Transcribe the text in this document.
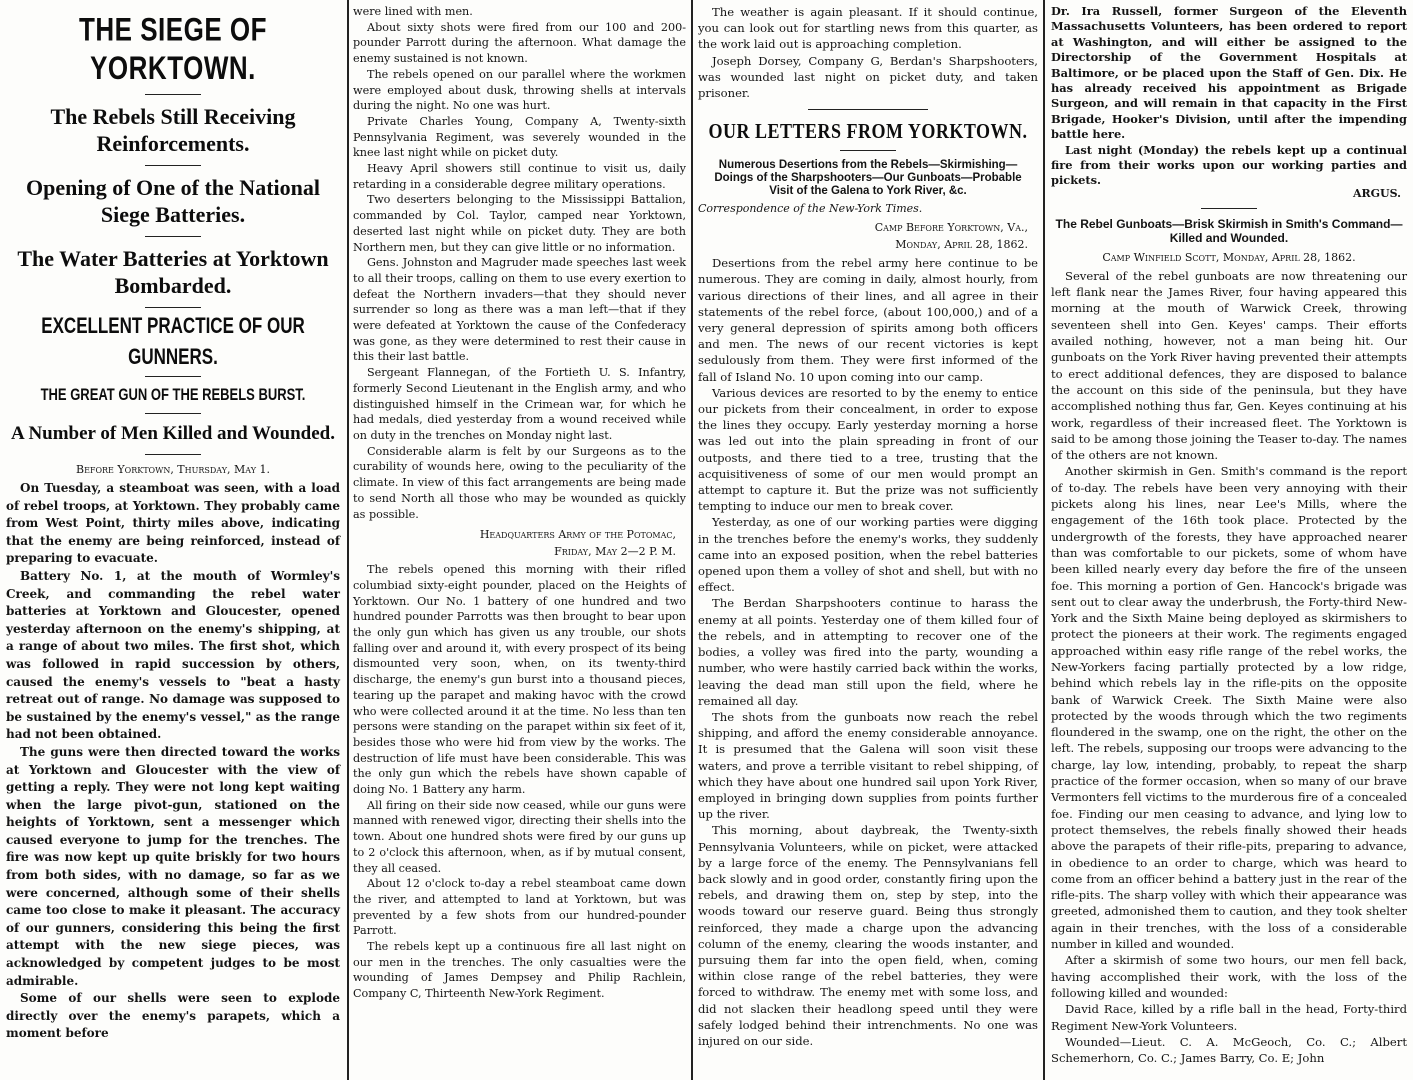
THE SIEGE OF YORKTOWN.
The Rebels Still Receiving Reinforcements.
Opening of One of the National Siege Batteries.
The Water Batteries at Yorktown Bombarded.
EXCELLENT PRACTICE OF OUR GUNNERS.
THE GREAT GUN OF THE REBELS BURST.
A Number of Men Killed and Wounded.
Before Yorktown, Thursday, May 1.

On Tuesday, a steamboat was seen, with a load of rebel troops, at Yorktown. They probably came from West Point, thirty miles above, indicating that the enemy are being reinforced, instead of preparing to evacuate.

Battery No. 1, at the mouth of Wormley's Creek, and commanding the rebel water batteries at Yorktown and Gloucester, opened yesterday afternoon on the enemy's shipping, at a range of about two miles. The first shot, which was followed in rapid succession by others, caused the enemy's vessels to "beat a hasty retreat out of range. No damage was supposed to be sustained by the enemy's vessel," as the range had not been obtained.

The guns were then directed toward the works at Yorktown and Gloucester with the view of getting a reply. They were not long kept waiting when the large pivot-gun, stationed on the heights of Yorktown, sent a messenger which caused everyone to jump for the trenches. The fire was now kept up quite briskly for two hours from both sides, with no damage, so far as we were concerned, although some of their shells came too close to make it pleasant. The accuracy of our gunners, considering this being the first attempt with the new siege pieces, was acknowledged by competent judges to be most admirable.

Some of our shells were seen to explode directly over the enemy's parapets, which a moment before

were lined with men.

About sixty shots were fired from our 100 and 200-pounder Parrott during the afternoon. What damage the enemy sustained is not known.

The rebels opened on our parallel where the workmen were employed about dusk, throwing shells at intervals during the night. No one was hurt.

Private Charles Young, Company A, Twenty-sixth Pennsylvania Regiment, was severely wounded in the knee last night while on picket duty.

Heavy April showers still continue to visit us, daily retarding in a considerable degree military operations.

Two deserters belonging to the Mississippi Battalion, commanded by Col. Taylor, camped near Yorktown, deserted last night while on picket duty. They are both Northern men, but they can give little or no information.

Gens. Johnston and Magruder made speeches last week to all their troops, calling on them to use every exertion to defeat the Northern invaders—that they should never surrender so long as there was a man left—that if they were defeated at Yorktown the cause of the Confederacy was gone, as they were determined to rest their cause in this their last battle.

Sergeant Flannegan, of the Fortieth U. S. Infantry, formerly Second Lieutenant in the English army, and who distinguished himself in the Crimean war, for which he had medals, died yesterday from a wound received while on duty in the trenches on Monday night last.

Considerable alarm is felt by our Surgeons as to the curability of wounds here, owing to the peculiarity of the climate. In view of this fact arrangements are being made to send North all those who may be wounded as quickly as possible.

Headquarters Army of the Potomac,
Friday, May 2—2 P. M.

The rebels opened this morning with their rifled columbiad sixty-eight pounder, placed on the Heights of Yorktown. Our No. 1 battery of one hundred and two hundred pounder Parrotts was then brought to bear upon the only gun which has given us any trouble, our shots falling over and around it, with every prospect of its being dismounted very soon, when, on its twenty-third discharge, the enemy's gun burst into a thousand pieces, tearing up the parapet and making havoc with the crowd who were collected around it at the time. No less than ten persons were standing on the parapet within six feet of it, besides those who were hid from view by the works. The destruction of life must have been considerable. This was the only gun which the rebels have shown capable of doing No. 1 Battery any harm.

All firing on their side now ceased, while our guns were manned with renewed vigor, directing their shells into the town. About one hundred shots were fired by our guns up to 2 o'clock this afternoon, when, as if by mutual consent, they all ceased.

About 12 o'clock to-day a rebel steamboat came down the river, and attempted to land at Yorktown, but was prevented by a few shots from our hundred-pounder Parrott.

The rebels kept up a continuous fire all last night on our men in the trenches. The only casualties were the wounding of James Dempsey and Philip Rachlein, Company C, Thirteenth New-York Regiment.

The weather is again pleasant. If it should continue, you can look out for startling news from this quarter, as the work laid out is approaching completion.

Joseph Dorsey, Company G, Berdan's Sharpshooters, was wounded last night on picket duty, and taken prisoner.

OUR LETTERS FROM YORKTOWN.
Numerous Desertions from the Rebels—Skirmishing—Doings of the Sharpshooters—Our Gunboats—Probable Visit of the Galena to York River, &c.
Correspondence of the New-York Times.
Camp Before Yorktown, Va.,
Monday, April 28, 1862.

Desertions from the rebel army here continue to be numerous. They are coming in daily, almost hourly, from various directions of their lines, and all agree in their statements of the rebel force, (about 100,000,) and of a very general depression of spirits among both officers and men. The news of our recent victories is kept sedulously from them. They were first informed of the fall of Island No. 10 upon coming into our camp.

Various devices are resorted to by the enemy to entice our pickets from their concealment, in order to expose the lines they occupy. Early yesterday morning a horse was led out into the plain spreading in front of our outposts, and there tied to a tree, trusting that the acquisitiveness of some of our men would prompt an attempt to capture it. But the prize was not sufficiently tempting to induce our men to break cover.

Yesterday, as one of our working parties were digging in the trenches before the enemy's works, they suddenly came into an exposed position, when the rebel batteries opened upon them a volley of shot and shell, but with no effect.

The Berdan Sharpshooters continue to harass the enemy at all points. Yesterday one of them killed four of the rebels, and in attempting to recover one of the bodies, a volley was fired into the party, wounding a number, who were hastily carried back within the works, leaving the dead man still upon the field, where he remained all day.

The shots from the gunboats now reach the rebel shipping, and afford the enemy considerable annoyance. It is presumed that the Galena will soon visit these waters, and prove a terrible visitant to rebel shipping, of which they have about one hundred sail upon York River, employed in bringing down supplies from points further up the river.

This morning, about daybreak, the Twenty-sixth Pennsylvania Volunteers, while on picket, were attacked by a large force of the enemy. The Pennsylvanians fell back slowly and in good order, constantly firing upon the rebels, and drawing them on, step by step, into the woods toward our reserve guard. Being thus strongly reinforced, they made a charge upon the advancing column of the enemy, clearing the woods instanter, and pursuing them far into the open field, when, coming within close range of the rebel batteries, they were forced to withdraw. The enemy met with some loss, and did not slacken their headlong speed until they were safely lodged behind their intrenchments. No one was injured on our side.

Dr. Ira Russell, former Surgeon of the Eleventh Massachusetts Volunteers, has been ordered to report at Washington, and will either be assigned to the Directorship of the Government Hospitals at Baltimore, or be placed upon the Staff of Gen. Dix. He has already received his appointment as Brigade Surgeon, and will remain in that capacity in the First Brigade, Hooker's Division, until after the impending battle here.

Last night (Monday) the rebels kept up a continual fire from their works upon our working parties and pickets.

ARGUS.
The Rebel Gunboats—Brisk Skirmish in Smith's Command—Killed and Wounded.
Camp Winfield Scott, Monday, April 28, 1862.

Several of the rebel gunboats are now threatening our left flank near the James River, four having appeared this morning at the mouth of Warwick Creek, throwing seventeen shell into Gen. Keyes' camps. Their efforts availed nothing, however, not a man being hit. Our gunboats on the York River having prevented their attempts to erect additional defences, they are disposed to balance the account on this side of the peninsula, but they have accomplished nothing thus far, Gen. Keyes continuing at his work, regardless of their increased fleet. The Yorktown is said to be among those joining the Teaser to-day. The names of the others are not known.

Another skirmish in Gen. Smith's command is the report of to-day. The rebels have been very annoying with their pickets along his lines, near Lee's Mills, where the engagement of the 16th took place. Protected by the undergrowth of the forests, they have approached nearer than was comfortable to our pickets, some of whom have been killed nearly every day before the fire of the unseen foe. This morning a portion of Gen. Hancock's brigade was sent out to clear away the underbrush, the Forty-third New-York and the Sixth Maine being deployed as skirmishers to protect the pioneers at their work. The regiments engaged approached within easy rifle range of the rebel works, the New-Yorkers facing partially protected by a low ridge, behind which rebels lay in the rifle-pits on the opposite bank of Warwick Creek. The Sixth Maine were also protected by the woods through which the two regiments floundered in the swamp, one on the right, the other on the left. The rebels, supposing our troops were advancing to the charge, lay low, intending, probably, to repeat the sharp practice of the former occasion, when so many of our brave Vermonters fell victims to the murderous fire of a concealed foe. Finding our men ceasing to advance, and lying low to protect themselves, the rebels finally showed their heads above the parapets of their rifle-pits, preparing to advance, in obedience to an order to charge, which was heard to come from an officer behind a battery just in the rear of the rifle-pits. The sharp volley with which their appearance was greeted, admonished them to caution, and they took shelter again in their trenches, with the loss of a considerable number in killed and wounded.

After a skirmish of some two hours, our men fell back, having accomplished their work, with the loss of the following killed and wounded:

David Race, killed by a rifle ball in the head, Forty-third Regiment New-York Volunteers.

Wounded—Lieut. C. A. McGeoch, Co. C.; Albert Schemerhorn, Co. C.; James Barry, Co. E; John
